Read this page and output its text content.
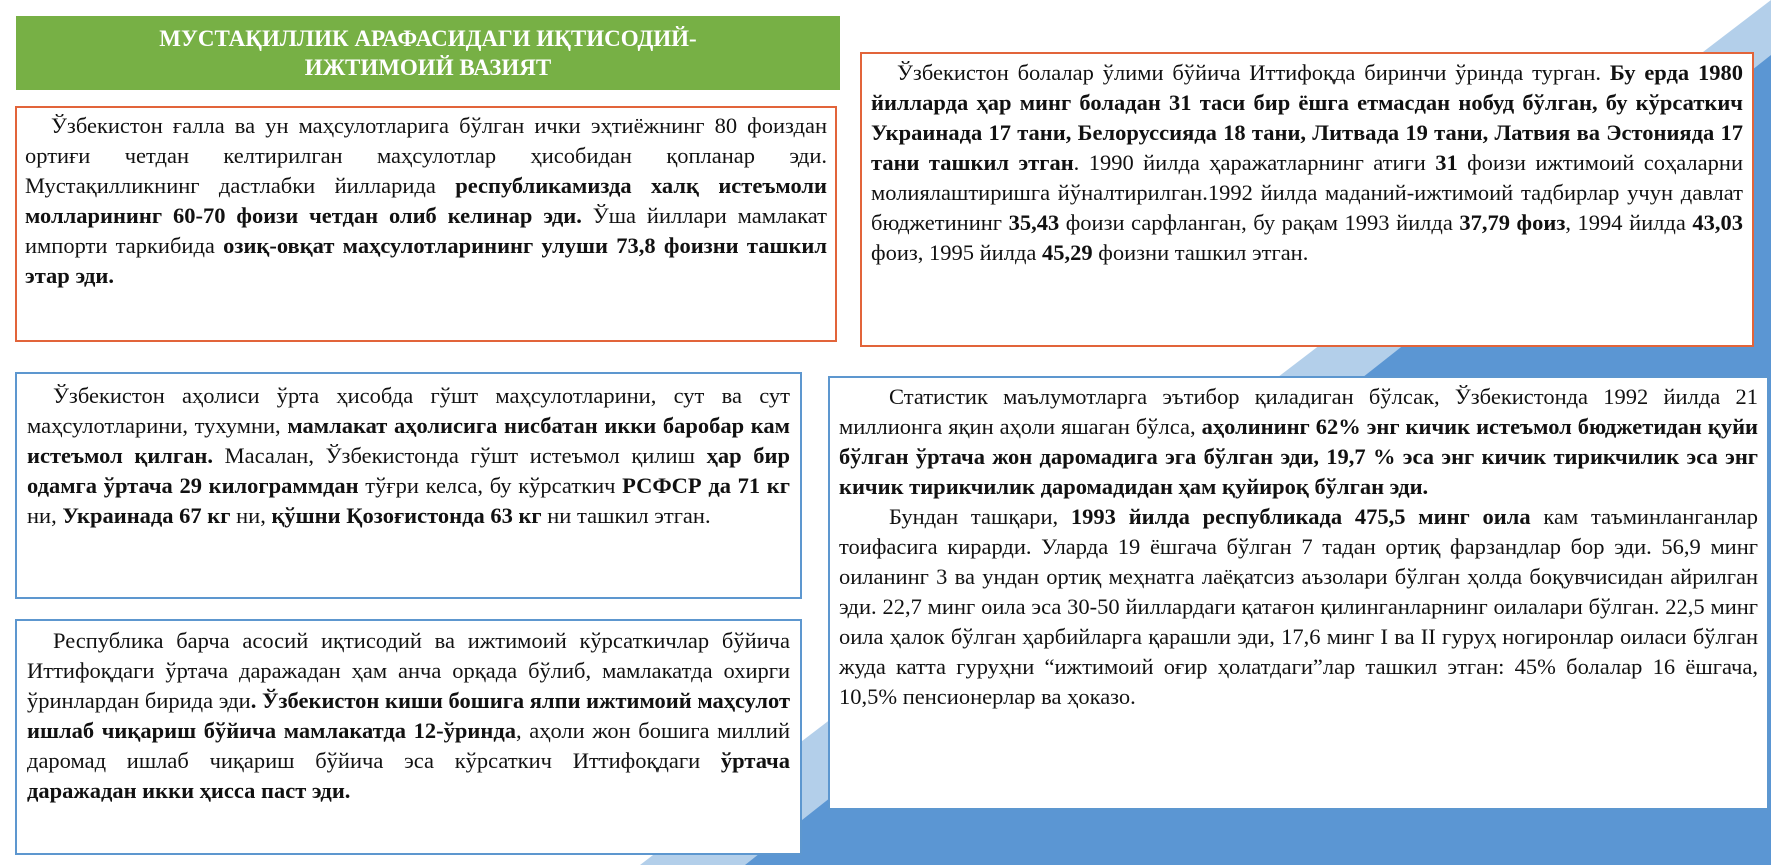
МУСТАҚИЛЛИК АРАФАСИДАГИ ИҚТИСОДИЙ-
ИЖТИМОИЙ ВАЗИЯТ

Ўзбекистон ғалла ва ун маҳсулотларига бўлган ички эҳтиёжнинг 80 фоиздан ортиғи четдан келтирилган маҳсулотлар ҳисобидан қопланар эди. Мустақилликнинг дастлабки йилларида республикамизда халқ истеъмоли молларининг 60-70 фоизи четдан олиб келинар эди. Ўша йиллари мамлакат импорти таркибида озиқ-овқат маҳсулотларининг улуши 73,8 фоизни ташкил этар эди.

Ўзбекистон болалар ўлими бўйича Иттифоқда биринчи ўринда турган. Бу ерда 1980 йилларда ҳар минг боладан 31 таси бир ёшга етмасдан нобуд бўлган, бу кўрсаткич Украинада 17 тани, Белоруссияда 18 тани, Литвада 19 тани, Латвия ва Эстонияда 17 тани ташкил этган. 1990 йилда ҳаражатларнинг атиги 31 фоизи ижтимоий соҳаларни молиялаштиришга йўналтирилган.1992 йилда маданий-ижтимоий тадбирлар учун давлат бюджетининг 35,43 фоизи сарфланган, бу рақам 1993 йилда 37,79 фоиз, 1994 йилда 43,03 фоиз, 1995 йилда 45,29 фоизни ташкил этган.

Ўзбекистон аҳолиси ўрта ҳисобда гўшт маҳсулотларини, сут ва сут маҳсулотларини, тухумни, мамлакат аҳолисига нисбатан икки баробар кам истеъмол қилган. Масалан, Ўзбекистонда гўшт истеъмол қилиш ҳар бир одамга ўртача 29 килограммдан тўғри келса, бу кўрсаткич РСФСР да 71 кг ни, Украинада 67 кг ни, қўшни Қозоғистонда 63 кг ни ташкил этган.

Республика барча асосий иқтисодий ва ижтимоий кўрсаткичлар бўйича Иттифоқдаги ўртача даражадан ҳам анча орқада бўлиб, мамлакатда охирги ўринлардан бирида эди. Ўзбекистон киши бошига ялпи ижтимоий маҳсулот ишлаб чиқариш бўйича мамлакатда 12-ўринда, аҳоли жон бошига миллий даромад ишлаб чиқариш бўйича эса кўрсаткич Иттифоқдаги ўртача даражадан икки ҳисса паст эди.

Статистик маълумотларга эътибор қиладиган бўлсак, Ўзбекистонда 1992 йилда 21 миллионга яқин аҳоли яшаган бўлса, аҳолининг 62% энг кичик истеъмол бюджетидан қуйи бўлган ўртача жон даромадига эга бўлган эди, 19,7 % эса энг кичик тирикчилик эса энг кичик тирикчилик даромадидан ҳам қуйироқ бўлган эди.

Бундан ташқари, 1993 йилда республикада 475,5 минг оила кам таъминланганлар тоифасига кирарди. Уларда 19 ёшгача бўлган 7 тадан ортиқ фарзандлар бор эди. 56,9 минг оиланинг 3 ва ундан ортиқ меҳнатга лаёқатсиз аъзолари бўлган ҳолда боқувчисидан айрилган эди. 22,7 минг оила эса 30-50 йиллардаги қатағон қилинганларнинг оилалари бўлган. 22,5 минг оила ҳалок бўлган ҳарбийларга қарашли эди, 17,6 минг I ва II гуруҳ ногиронлар оиласи бўлган жуда катта гуруҳни “ижтимоий оғир ҳолатдаги”лар ташкил этган: 45% болалар 16 ёшгача, 10,5% пенсионерлар ва ҳоказо.
